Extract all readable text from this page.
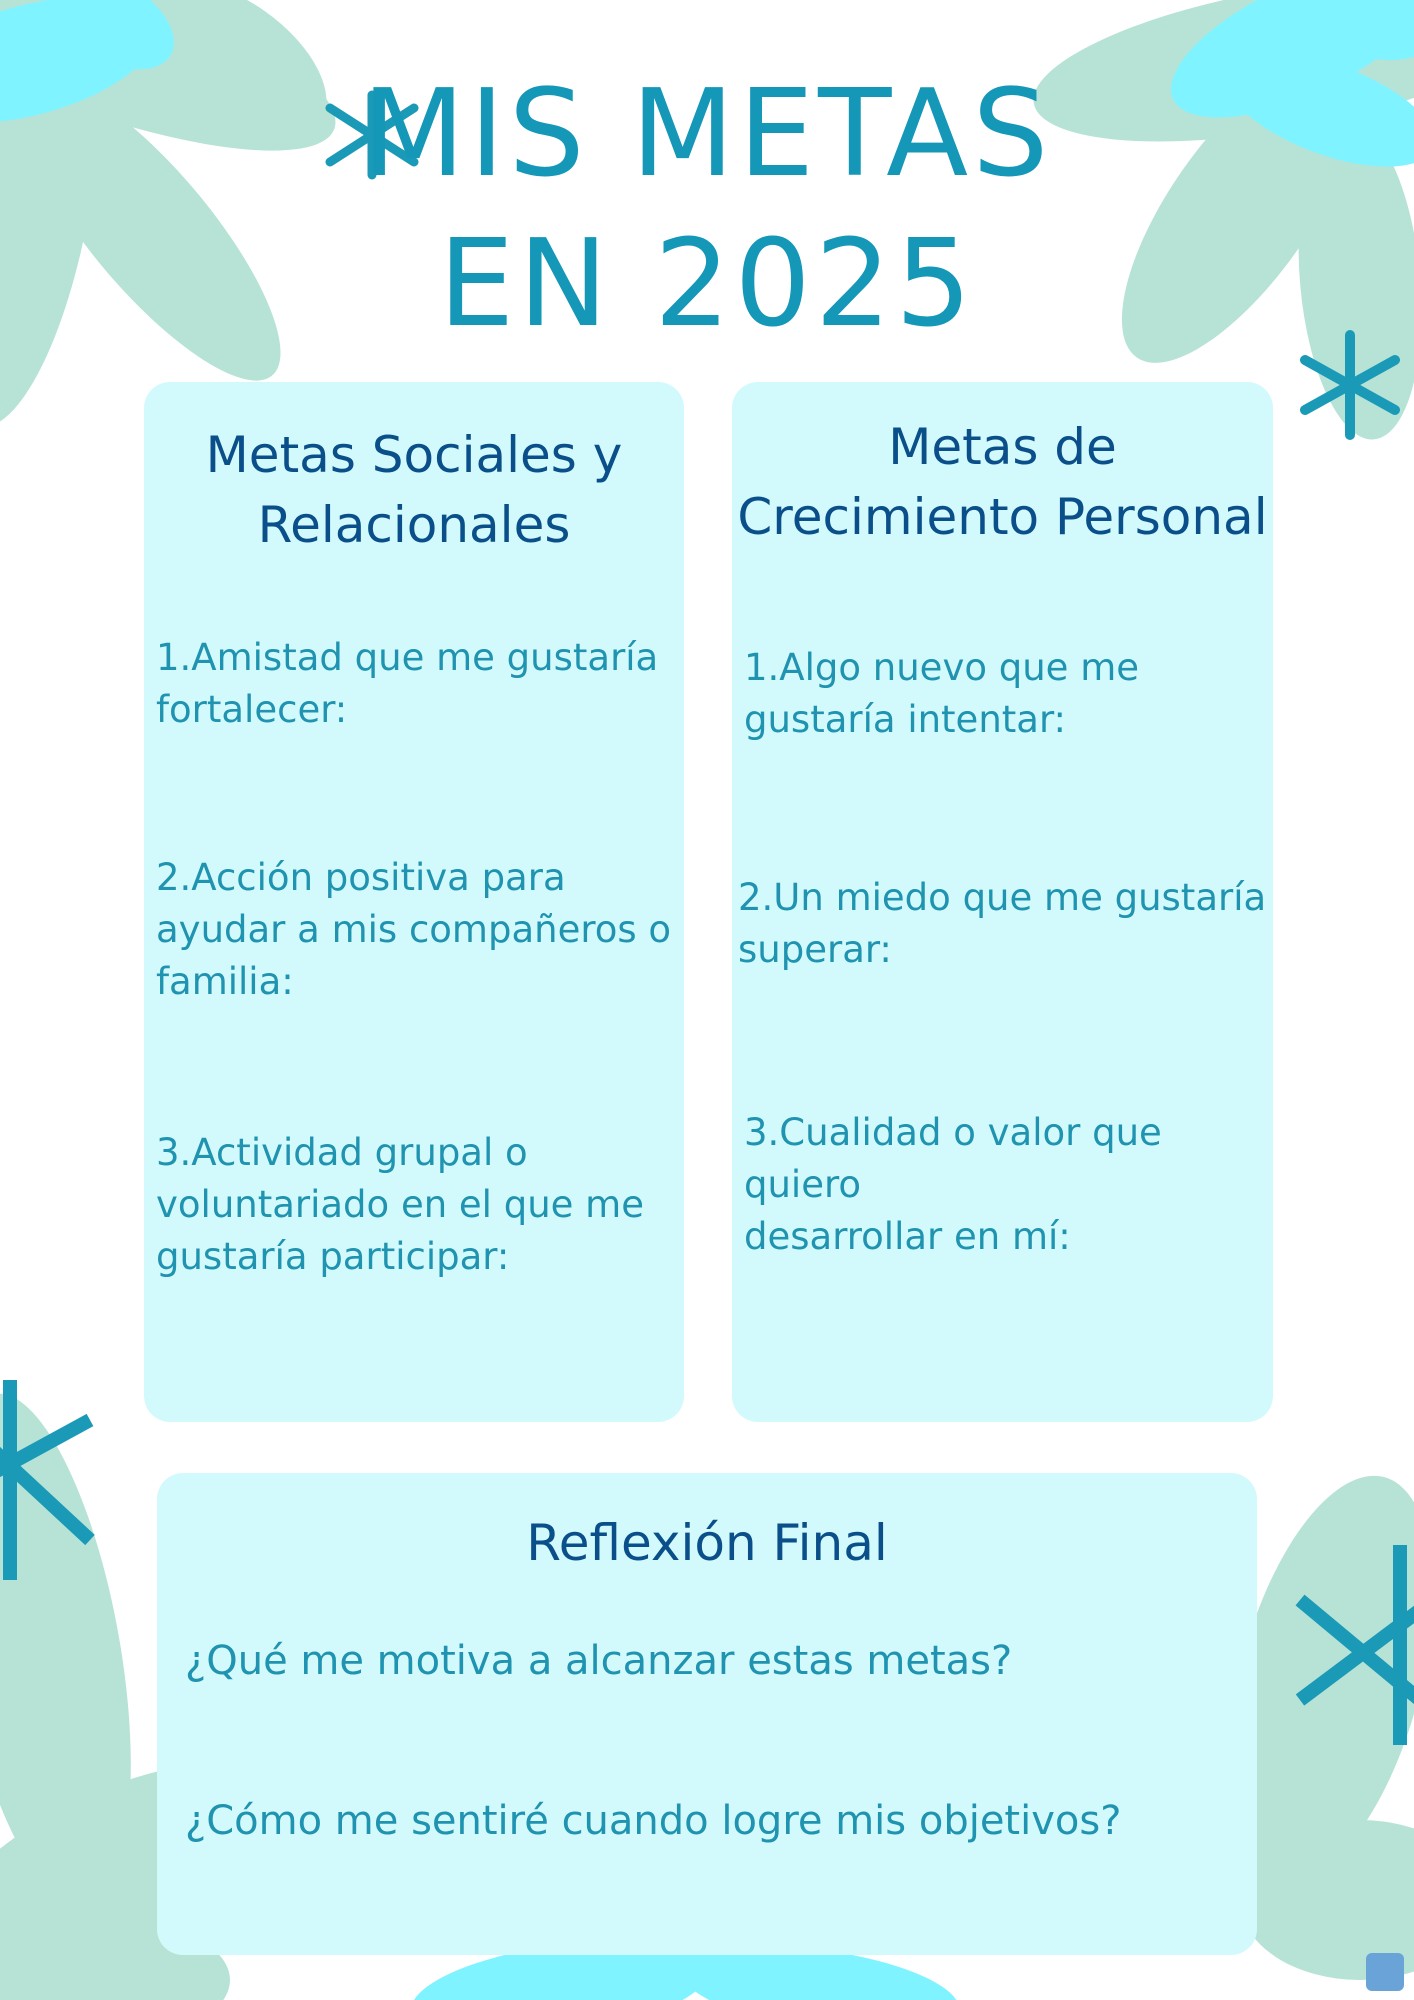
MIS METAS
EN 2025
Metas Sociales y
Relacionales
1.Amistad que me gustaría
fortalecer:
2.Acción positiva para
ayudar a mis compañeros o
familia:
3.Actividad grupal o
voluntariado en el que me
gustaría participar:
Metas de
Crecimiento Personal
1.Algo nuevo que me
gustaría intentar:
2.Un miedo que me gustaría
superar:
3.Cualidad o valor que quiero
desarrollar en mí:
Reflexión Final
¿Qué me motiva a alcanzar estas metas?
¿Cómo me sentiré cuando logre mis objetivos?
